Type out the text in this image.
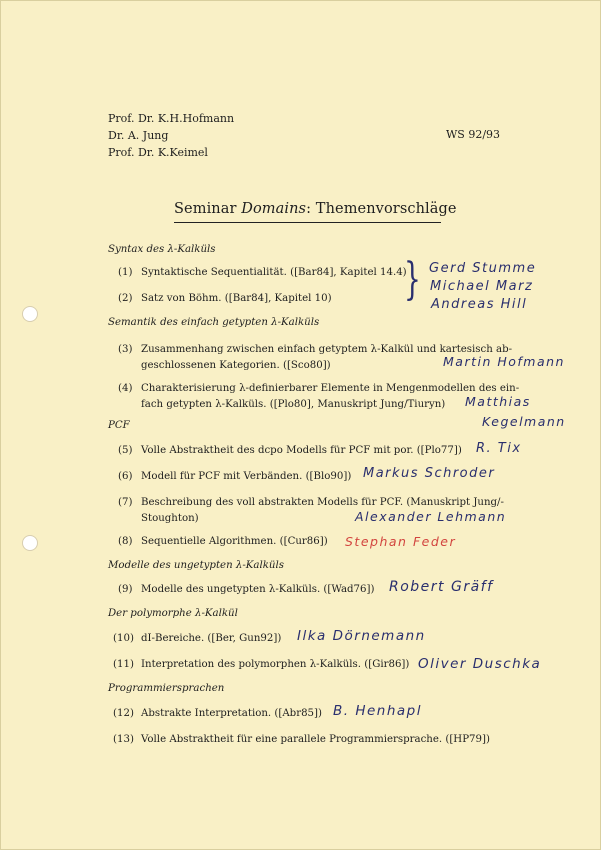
Prof. Dr. K.H.Hofmann
Dr. A. Jung
Prof. Dr. K.Keimel
WS 92/93
Seminar Domains: Themenvorschläge
Syntax des λ-Kalküls
(1) Syntaktische Sequentialität. ([Bar84], Kapitel 14.4)
(2) Satz von Böhm. ([Bar84], Kapitel 10)
Semantik des einfach getypten λ-Kalküls
(3) Zusammenhang zwischen einfach getyptem λ-Kalkül und kartesisch ab-
geschlossenen Kategorien. ([Sco80])
(4) Charakterisierung λ-definierbarer Elemente in Mengenmodellen des ein-
fach getypten λ-Kalküls. ([Plo80], Manuskript Jung/Tiuryn)
PCF
(5) Volle Abstraktheit des dcpo Modells für PCF mit por. ([Plo77])
(6) Modell für PCF mit Verbänden. ([Blo90])
(7) Beschreibung des voll abstrakten Modells für PCF. (Manuskript Jung/-
Stoughton)
(8) Sequentielle Algorithmen. ([Cur86])
Modelle des ungetypten λ-Kalküls
(9) Modelle des ungetypten λ-Kalküls. ([Wad76])
Der polymorphe λ-Kalkül
(10) dI-Bereiche. ([Ber, Gun92])
(11) Interpretation des polymorphen λ-Kalküls. ([Gir86])
Programmiersprachen
(12) Abstrakte Interpretation. ([Abr85])
(13) Volle Abstraktheit für eine parallele Programmiersprache. ([HP79])
} Gerd Stumme
Michael Marz
Andreas Hill
Martin Hofmann
Matthias
Kegelmann
R. Tix
Markus Schroder
Alexander Lehmann
Stephan Feder
Robert Gräff
Ilka Dörnemann
Oliver Duschka
B. Henhapl
